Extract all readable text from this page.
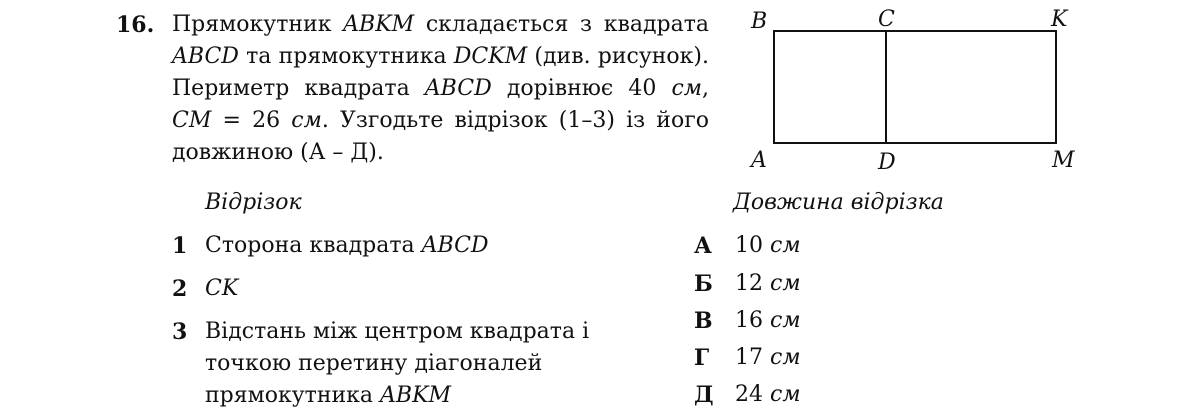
16. Прямокутник ABKM складається з квадрата
ABCD та прямокутника DCKM (див. рисунок).
Периметр квадрата ABCD дорівнює 40 см,
CM = 26 см. Узгодьте відрізок (1–3) із його
довжиною (А – Д).
B	C	K
A	D	M
Відрізок	Довжина відрізка
1 Сторона квадрата ABCD
2 CK
3 Відстань між центром квадрата і
точкою перетину діагоналей
прямокутника ABKM
А 10 см
Б 12 см
В 16 см
Г 17 см
Д 24 см
